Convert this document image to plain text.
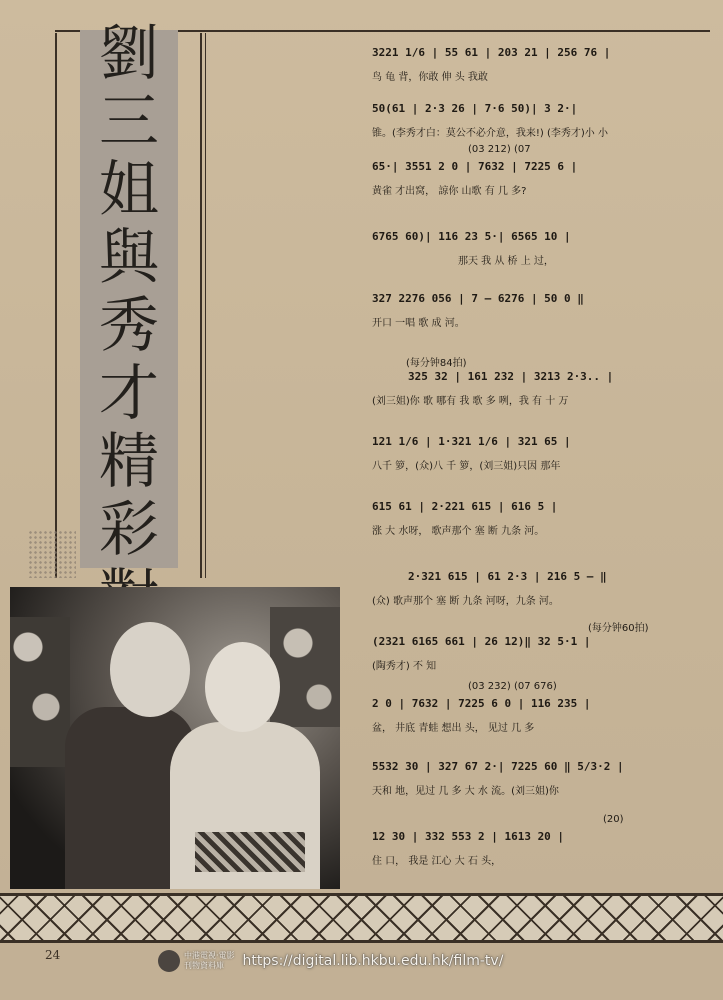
劉
三
姐
與
秀
才
精
彩
3221 1/6 | 55 61 | 203 21 | 256 76 |
鸟 龟 背，你敢 伸 头 我敢
50(61 | 2·3 26 | 7·6 50)| 3 2·|
锥。(李秀才白：莫公不必介意，我来!) (李秀才)小 小
(03 212) (07
65·| 3551 2 0 | 7632 | 7225 6 |
黄雀 才出窝， 諒你 山歌 有 几 多?
6765 60)| 116 23 5·| 6565 10 |
那天 我 从 桥 上 过，
327 2276 056 | 7 — 6276 | 50 0 ‖
开口 一唱 歌 成 河。
(每分钟84拍)
325 32 | 161 232 | 3213 2·3.. |
(刘三姐)你 歌 哪有 我 歌 多 咧，我 有 十 万
121 1/6 | 1·321 1/6 | 321 65 |
八千 箩，(众)八 千 箩，(刘三姐)只因 那年
615 61 | 2·221 615 | 616 5 |
涨 大 水呀， 歌声那个 塞 断 九条 河。
2·321 615 | 61 2·3 | 216 5 — ‖
(众) 歌声那个 塞 断 九条 河呀，九条 河。
(每分钟60拍)
(2321 6165 661 | 26 12)‖ 32 5·1 |
(陶秀才) 不 知
(03 232) (07 676)
2 0 | 7632 | 7225 6 0 | 116 235 |
盆， 井底 青蛙 想出 头， 见过 几 多
5532 30 | 327 67 2·| 7225 60 ‖ 5/3·2 |
天和 地，见过 几 多 大 水 流。(刘三姐)你
(20)
12 30 | 332 553 2 | 1613 20 |
住 口， 我是 江心 大 石 头，
24	中港電視·電影
刊物資料庫	https://digital.lib.hkbu.edu.hk/film-tv/
